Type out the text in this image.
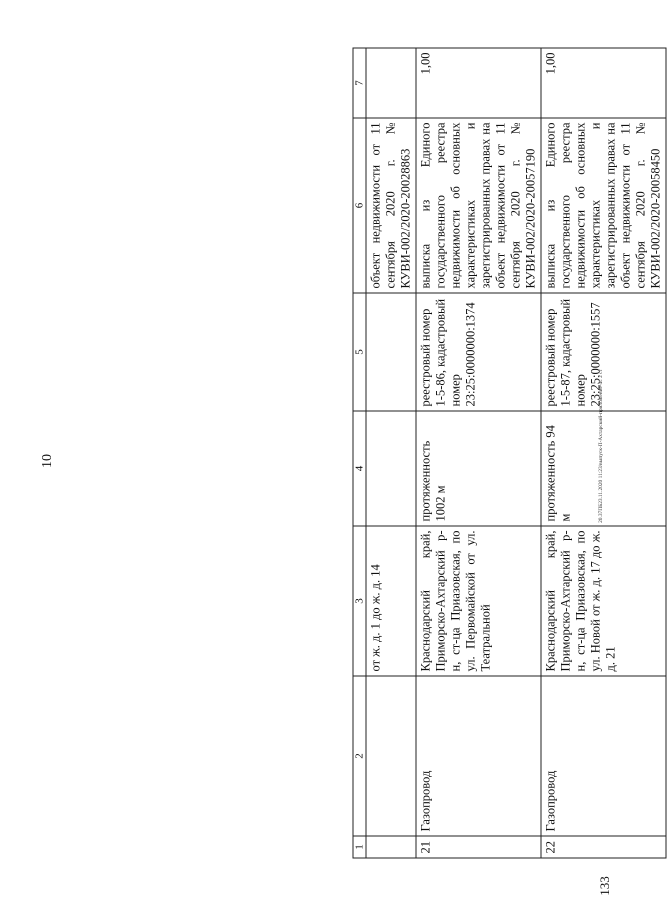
10
133
20.37ПБ23.11.2020 11:23/выпуск-П-Ахтарский-приложение-4с 2 ст
1	2	3	4	5	6	7
		от ж. д. 1 до ж. д. 14			объект недвижимости от 11 сентября 2020 г. № КУВИ-002/2020-20028863	
21	Газопровод	Краснодарский край, Приморско-Ахтарский р-н, ст-ца Приазовская, по ул. Первомайской от ул. Театральной	протяженность 1002 м	реестровый номер 1-5-86, кадастровый номер 23:25:0000000:1374	выписка из Единого государственного реестра недвижимости об основных характеристиках и зарегистрированных правах на объект недвижимости от 11 сентября 2020 г. № КУВИ-002/2020-20057190	1,00
22	Газопровод	Краснодарский край, Приморско-Ахтарский р-н, ст-ца Приазовская, по ул. Новой от ж. д. 17 до ж. д. 21	протяженность 94 м	реестровый номер 1-5-87, кадастровый номер 23:25:0000000:1557	выписка из Единого государственного реестра недвижимости об основных характеристиках и зарегистрированных правах на объект недвижимости от 11 сентября 2020 г. № КУВИ-002/2020-20058450	1,00
